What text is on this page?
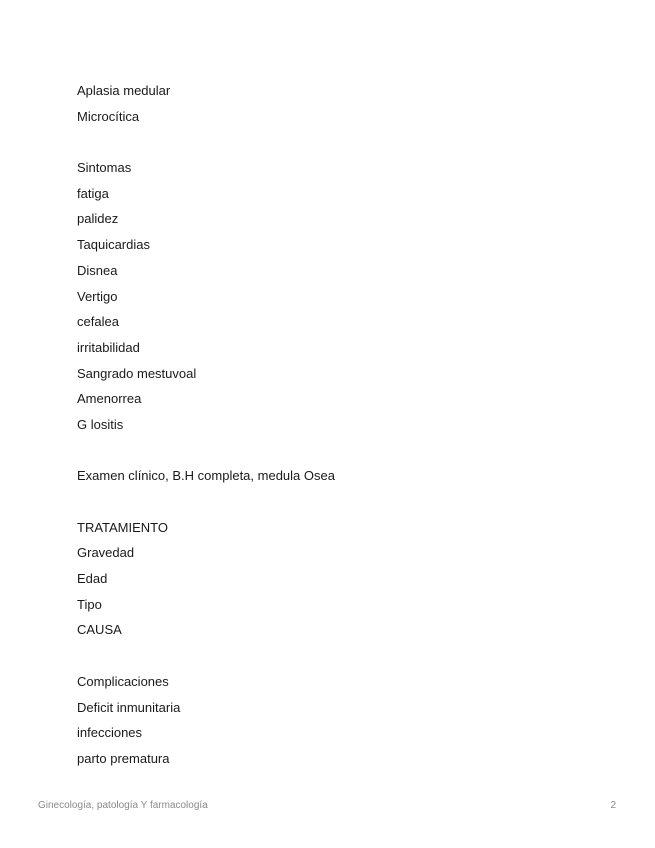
Aplasia medular
Microcítica
Sintomas
fatiga
palidez
Taquicardias
Disnea
Vertigo
cefalea
irritabilidad
Sangrado mestuvoal
Amenorrea
G lositis
Examen clínico, B.H completa, medula Osea
TRATAMIENTO
Gravedad
Edad
Tipo
CAUSA
Complicaciones
Deficit inmunitaria
infecciones
parto prematura
Ginecología, patología Y farmacología	2
